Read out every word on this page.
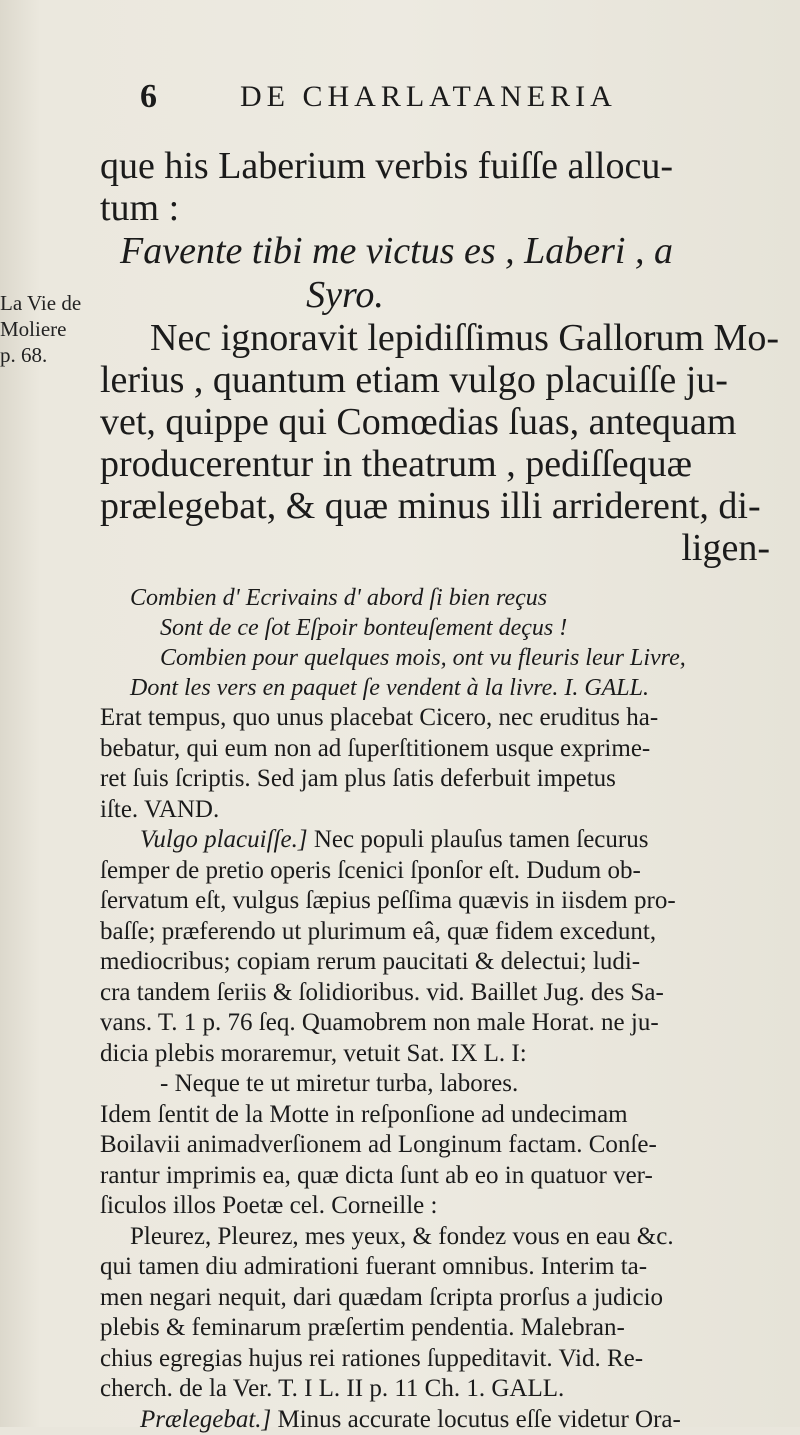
6	DE CHARLATANERIA
La Vie de
Moliere
p. 68.
que his Laberium verbis fuiſſe allocu-
tum :
Favente tibi me victus es , Laberi , a
Syro.
Nec ignoravit lepidiſſimus Gallorum Mo-
lerius , quantum etiam vulgo placuiſſe ju-
vet, quippe qui Comœdias ſuas, antequam
producerentur in theatrum , pediſſequæ
prælegebat, & quæ minus illi arriderent, di-
ligen-
Combien d' Ecrivains d' abord ſi bien reçus
Sont de ce ſot Eſpoir bonteuſement deçus !
Combien pour quelques mois, ont vu fleuris leur Livre,
Dont les vers en paquet ſe vendent à la livre. I. GALL.
Erat tempus, quo unus placebat Cicero, nec eruditus ha-
bebatur, qui eum non ad ſuperſtitionem usque exprime-
ret ſuis ſcriptis. Sed jam plus ſatis deferbuit impetus
iſte. VAND.
Vulgo placuiſſe.] Nec populi plauſus tamen ſecurus
ſemper de pretio operis ſcenici ſponſor eſt. Dudum ob-
ſervatum eſt, vulgus ſæpius peſſima quævis in iisdem pro-
baſſe; præferendo ut plurimum eâ, quæ fidem excedunt,
mediocribus; copiam rerum paucitati & delectui; ludi-
cra tandem ſeriis & ſolidioribus. vid. Baillet Jug. des Sa-
vans. T. 1 p. 76 ſeq. Quamobrem non male Horat. ne ju-
dicia plebis moraremur, vetuit Sat. IX L. I:
- Neque te ut miretur turba, labores.
Idem ſentit de la Motte in reſponſione ad undecimam
Boilavii animadverſionem ad Longinum factam. Conſe-
rantur imprimis ea, quæ dicta ſunt ab eo in quatuor ver-
ſiculos illos Poetæ cel. Corneille :
Pleurez, Pleurez, mes yeux, & fondez vous en eau &c.
qui tamen diu admirationi fuerant omnibus. Interim ta-
men negari nequit, dari quædam ſcripta prorſus a judicio
plebis & feminarum præſertim pendentia. Malebran-
chius egregias hujus rei rationes ſuppeditavit. Vid. Re-
cherch. de la Ver. T. I L. II p. 11 Ch. 1. GALL.
Prælegebat.] Minus accurate locutus eſſe videtur Ora-
